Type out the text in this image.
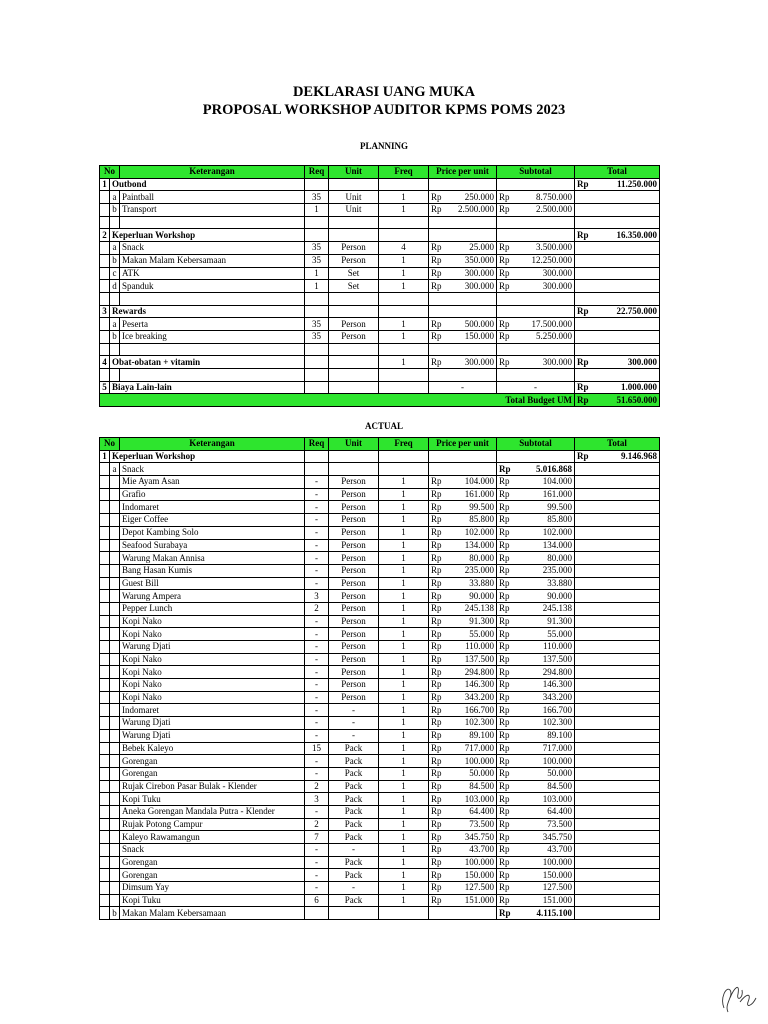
DEKLARASI UANG MUKA
PROPOSAL WORKSHOP AUDITOR KPMS POMS 2023
PLANNING
No		Keterangan	Req	Unit	Freq	Price per unit	Subtotal	Total
1	Outbond							Rp 11.250.000

	a	Paintball	35	Unit	1	Rp 250.000	Rp 8.750.000	

	b	Transport	1	Unit	1	Rp 2.500.000	Rp 2.500.000	

2	Keperluan Workshop							Rp 16.350.000

	a	Snack	35	Person	4	Rp 25.000	Rp 3.500.000	

	b	Makan Malam Kebersamaan	35	Person	1	Rp 350.000	Rp 12.250.000	

	c	ATK	1	Set	1	Rp 300.000	Rp 300.000	

	d	Spanduk	1	Set	1	Rp 300.000	Rp 300.000	

3	Rewards							Rp 22.750.000

	a	Peserta	35	Person	1	Rp 500.000	Rp 17.500.000	

	b	Ice breaking	35	Person	1	Rp 150.000	Rp 5.250.000	

4	Obat-obatan + vitamin				1	Rp 300.000	Rp 300.000	Rp 300.000

5	Biaya Lain-lain					-	-	Rp 1.000.000

Total Budget UM								Rp 51.650.000
ACTUAL
No		Keterangan	Req	Unit	Freq	Price per unit	Subtotal	Total
1	Keperluan Workshop							Rp 9.146.968

	a	Snack					Rp 5.016.868	

		Mie Ayam Asan	-	Person	1	Rp 104.000	Rp 104.000	

		Grafio	-	Person	1	Rp 161.000	Rp 161.000	

		Indomaret	-	Person	1	Rp 99.500	Rp 99.500	

		Eiger Coffee	-	Person	1	Rp 85.800	Rp 85.800	

		Depot Kambing Solo	-	Person	1	Rp 102.000	Rp 102.000	

		Seafood Surabaya	-	Person	1	Rp 134.000	Rp 134.000	

		Warung Makan Annisa	-	Person	1	Rp 80.000	Rp 80.000	

		Bang Hasan Kumis	-	Person	1	Rp 235.000	Rp 235.000	

		Guest Bill	-	Person	1	Rp 33.880	Rp 33.880	

		Warung Ampera	3	Person	1	Rp 90.000	Rp 90.000	

		Pepper Lunch	2	Person	1	Rp 245.138	Rp 245.138	

		Kopi Nako	-	Person	1	Rp 91.300	Rp 91.300	

		Kopi Nako	-	Person	1	Rp 55.000	Rp 55.000	

		Warung Djati	-	Person	1	Rp 110.000	Rp 110.000	

		Kopi Nako	-	Person	1	Rp 137.500	Rp 137.500	

		Kopi Nako	-	Person	1	Rp 294.800	Rp 294.800	

		Kopi Nako	-	Person	1	Rp 146.300	Rp 146.300	

		Kopi Nako	-	Person	1	Rp 343.200	Rp 343.200	

		Indomaret	-	-	1	Rp 166.700	Rp 166.700	

		Warung Djati	-	-	1	Rp 102.300	Rp 102.300	

		Warung Djati	-	-	1	Rp 89.100	Rp 89.100	

		Bebek Kaleyo	15	Pack	1	Rp 717.000	Rp 717.000	

		Gorengan	-	Pack	1	Rp 100.000	Rp 100.000	

		Gorengan	-	Pack	1	Rp 50.000	Rp 50.000	

		Rujak Cirebon Pasar Bulak - Klender	2	Pack	1	Rp 84.500	Rp 84.500	

		Kopi Tuku	3	Pack	1	Rp 103.000	Rp 103.000	

		Aneka Gorengan Mandala Putra - Klender	-	Pack	1	Rp 64.400	Rp 64.400	

		Rujak Potong Campur	2	Pack	1	Rp 73.500	Rp 73.500	

		Kaleyo Rawamangun	7	Pack	1	Rp 345.750	Rp 345.750	

		Snack	-	-	1	Rp 43.700	Rp 43.700	

		Gorengan	-	Pack	1	Rp 100.000	Rp 100.000	

		Gorengan	-	Pack	1	Rp 150.000	Rp 150.000	

		Dimsum Yay	-	-	1	Rp 127.500	Rp 127.500	

		Kopi Tuku	6	Pack	1	Rp 151.000	Rp 151.000	

	b	Makan Malam Kebersamaan					Rp 4.115.100	
